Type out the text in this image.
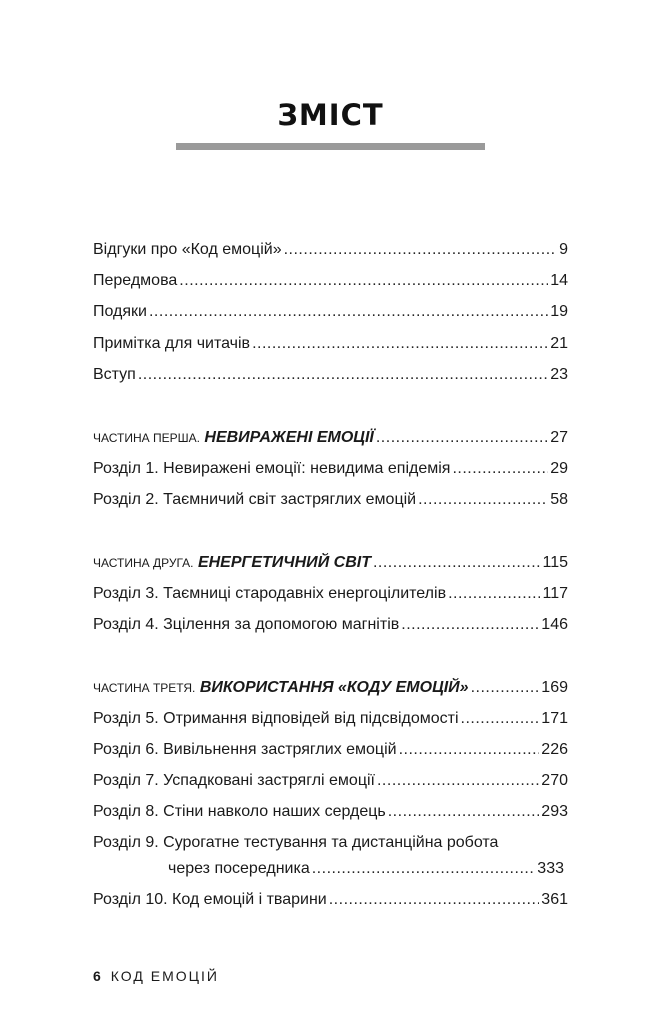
ЗМІСТ
Відгуки про «Код емоцій» .....	9
Передмова .....	14
Подяки .....	19
Примітка для читачів .....	21
Вступ .....	23
ЧАСТИНА ПЕРША. НЕВИРАЖЕНІ ЕМОЦІЇ .....	27
Розділ 1. Невиражені емоції: невидима епідемія .....	29
Розділ 2. Таємничий світ застряглих емоцій .....	58
ЧАСТИНА ДРУГА. ЕНЕРГЕТИЧНИЙ СВІТ .....	115
Розділ 3. Таємниці стародавніх енергоцілителів .....	117
Розділ 4. Зцілення за допомогою магнітів .....	146
ЧАСТИНА ТРЕТЯ. ВИКОРИСТАННЯ «КОДУ ЕМОЦІЙ» .....	169
Розділ 5. Отримання відповідей від підсвідомості .....	171
Розділ 6. Вивільнення застряглих емоцій .....	226
Розділ 7. Успадковані застряглі емоції .....	270
Розділ 8. Стіни навколо наших сердець .....	293
Розділ 9. Сурогатне тестування та дистанційна робота
через посередника .....	333
Розділ 10. Код емоцій і тварини .....	361
6 КОД ЕМОЦІЙ
